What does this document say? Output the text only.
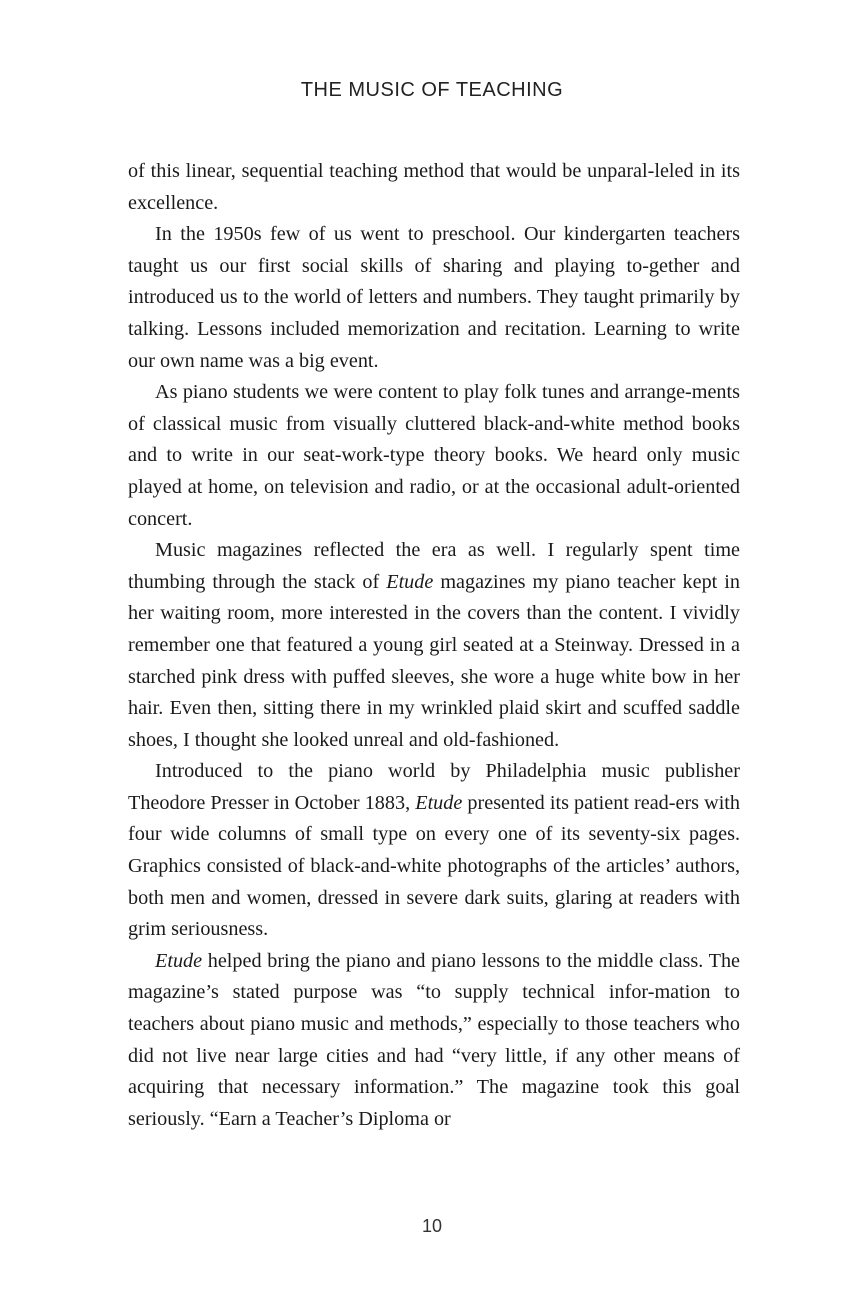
THE MUSIC OF TEACHING

of this linear, sequential teaching method that would be unparal-leled in its excellence.

In the 1950s few of us went to preschool. Our kindergarten teachers taught us our first social skills of sharing and playing to-gether and introduced us to the world of letters and numbers. They taught primarily by talking. Lessons included memorization and recitation. Learning to write our own name was a big event.

As piano students we were content to play folk tunes and arrange-ments of classical music from visually cluttered black-and-white method books and to write in our seat-work-type theory books. We heard only music played at home, on television and radio, or at the occasional adult-oriented concert.

Music magazines reflected the era as well. I regularly spent time thumbing through the stack of Etude magazines my piano teacher kept in her waiting room, more interested in the covers than the content. I vividly remember one that featured a young girl seated at a Steinway. Dressed in a starched pink dress with puffed sleeves, she wore a huge white bow in her hair. Even then, sitting there in my wrinkled plaid skirt and scuffed saddle shoes, I thought she looked unreal and old-fashioned.

Introduced to the piano world by Philadelphia music publisher Theodore Presser in October 1883, Etude presented its patient read-ers with four wide columns of small type on every one of its seventy-six pages. Graphics consisted of black-and-white photographs of the articles’ authors, both men and women, dressed in severe dark suits, glaring at readers with grim seriousness.

Etude helped bring the piano and piano lessons to the middle class. The magazine’s stated purpose was “to supply technical infor-mation to teachers about piano music and methods,” especially to those teachers who did not live near large cities and had “very little, if any other means of acquiring that necessary information.” The magazine took this goal seriously. “Earn a Teacher’s Diploma or

10
